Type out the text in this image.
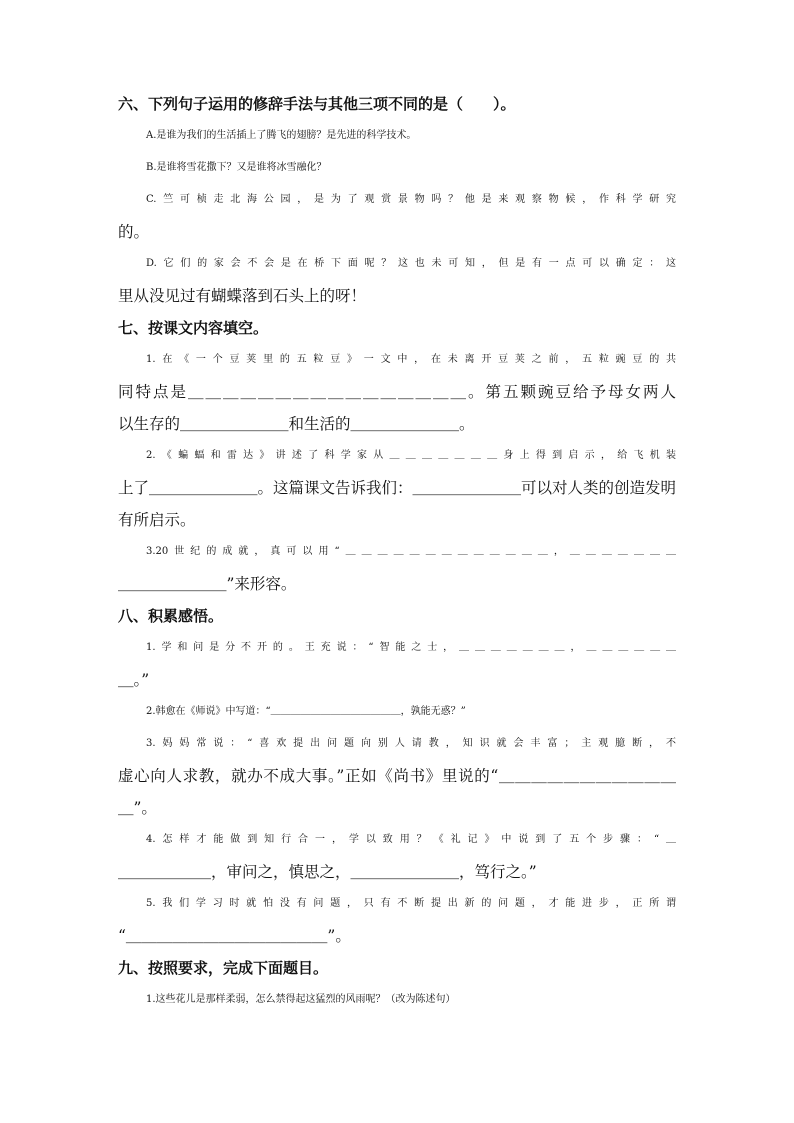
六、下列句子运用的修辞手法与其他三项不同的是（　　）。
A.是谁为我们的生活插上了腾飞的翅膀？是先进的科学技术。
B.是谁将雪花撒下？又是谁将冰雪融化？
C.竺可桢走北海公园，是为了观赏景物吗？他是来观察物候，作科学研究
的。
D.它们的家会不会是在桥下面呢？这也未可知，但是有一点可以确定：这
里从没见过有蝴蝶落到石头上的呀！
七、按课文内容填空。
1.在《一个豆荚里的五粒豆》一文中，在未离开豆荚之前，五粒豌豆的共
同特点是＿＿＿＿＿＿＿＿＿＿＿＿＿＿＿＿。第五颗豌豆给予母女两人
以生存的＿＿＿＿＿＿＿和生活的＿＿＿＿＿＿＿。
2.《蝙蝠和雷达》讲述了科学家从＿＿＿＿＿＿＿身上得到启示，给飞机装
上了＿＿＿＿＿＿＿。这篇课文告诉我们：＿＿＿＿＿＿＿可以对人类的创造发明
有所启示。
3.20世纪的成就，真可以用“＿＿＿＿＿＿＿＿＿＿＿＿＿，＿＿＿＿＿＿＿
＿＿＿＿＿＿＿”来形容。
八、积累感悟。
1.学和问是分不开的。王充说：“智能之士，＿＿＿＿＿＿＿，＿＿＿＿＿＿
＿。”
2.韩愈在《师说》中写道：“＿＿＿＿＿＿＿＿＿＿＿＿＿，孰能无惑？”
3.妈妈常说：“喜欢提出问题向别人请教，知识就会丰富；主观臆断，不
虚心向人求教，就办不成大事。”正如《尚书》里说的“＿＿＿＿＿＿＿＿＿＿＿
＿”。
4.怎样才能做到知行合一，学以致用？《礼记》中说到了五个步骤：“＿
＿＿＿＿＿＿，审问之，慎思之，＿＿＿＿＿＿＿，笃行之。”
5.我们学习时就怕没有问题，只有不断提出新的问题，才能进步，正所谓
“＿＿＿＿＿＿＿＿＿＿＿＿＿”。
九、按照要求，完成下面题目。
1.这些花儿是那样柔弱，怎么禁得起这猛烈的风雨呢？（改为陈述句）
